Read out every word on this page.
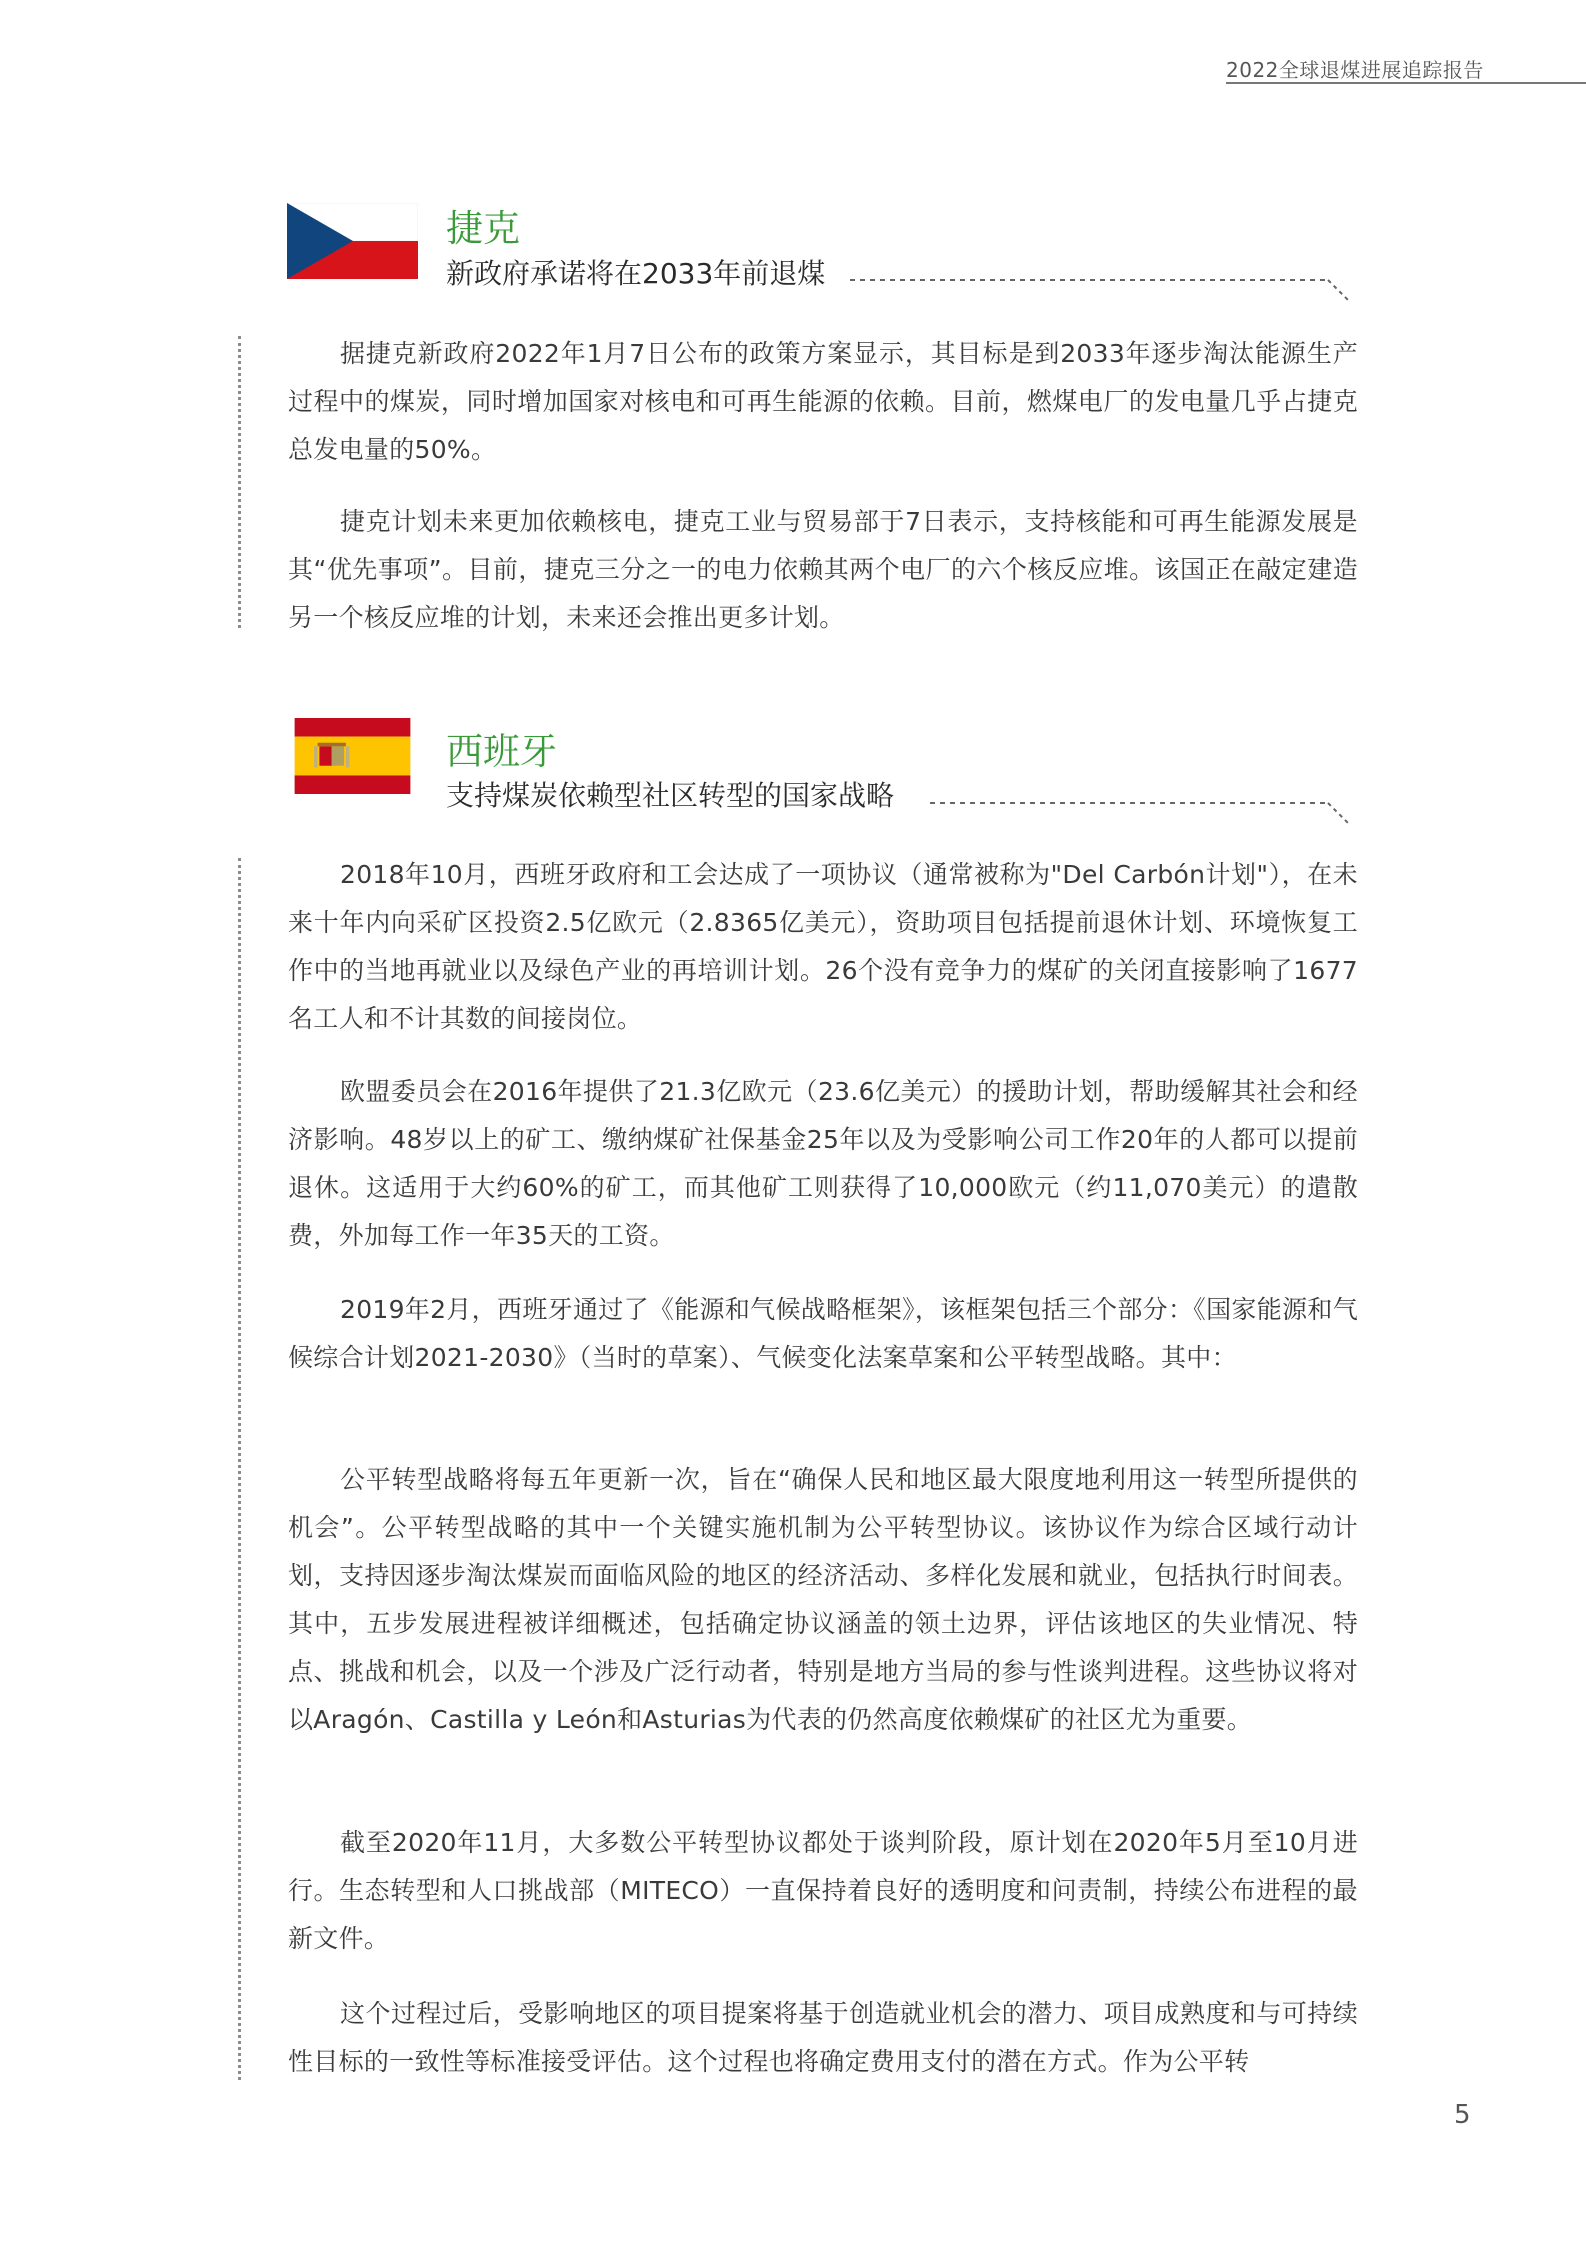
2022全球退煤进展追踪报告
捷克
新政府承诺将在2033年前退煤

据捷克新政府2022年1月7日公布的政策方案显示，其目标是到2033年逐步淘汰能源生产过程中的煤炭，同时增加国家对核电和可再生能源的依赖。目前，燃煤电厂的发电量几乎占捷克总发电量的50%。

捷克计划未来更加依赖核电，捷克工业与贸易部于7日表示，支持核能和可再生能源发展是其“优先事项”。目前，捷克三分之一的电力依赖其两个电厂的六个核反应堆。该国正在敲定建造另一个核反应堆的计划，未来还会推出更多计划。

西班牙
支持煤炭依赖型社区转型的国家战略

2018年10月，西班牙政府和工会达成了一项协议（通常被称为"Del Carbón计划"），在未来十年内向采矿区投资2.5亿欧元（2.8365亿美元），资助项目包括提前退休计划、环境恢复工作中的当地再就业以及绿色产业的再培训计划。26个没有竞争力的煤矿的关闭直接影响了1677名工人和不计其数的间接岗位。

欧盟委员会在2016年提供了21.3亿欧元（23.6亿美元）的援助计划，帮助缓解其社会和经济影响。48岁以上的矿工、缴纳煤矿社保基金25年以及为受影响公司工作20年的人都可以提前退休。这适用于大约60%的矿工，而其他矿工则获得了10,000欧元（约11,070美元）的遣散费，外加每工作一年35天的工资。

2019年2月，西班牙通过了《能源和气候战略框架》，该框架包括三个部分：《国家能源和气候综合计划2021-2030》（当时的草案）、气候变化法案草案和公平转型战略。其中：

公平转型战略将每五年更新一次，旨在“确保人民和地区最大限度地利用这一转型所提供的机会”。公平转型战略的其中一个关键实施机制为公平转型协议。该协议作为综合区域行动计划，支持因逐步淘汰煤炭而面临风险的地区的经济活动、多样化发展和就业，包括执行时间表。其中，五步发展进程被详细概述，包括确定协议涵盖的领土边界，评估该地区的失业情况、特点、挑战和机会，以及一个涉及广泛行动者，特别是地方当局的参与性谈判进程。这些协议将对以Aragón、Castilla y León和Asturias为代表的仍然高度依赖煤矿的社区尤为重要。

截至2020年11月，大多数公平转型协议都处于谈判阶段，原计划在2020年5月至10月进行。生态转型和人口挑战部（MITECO）一直保持着良好的透明度和问责制，持续公布进程的最新文件。

这个过程过后，受影响地区的项目提案将基于创造就业机会的潜力、项目成熟度和与可持续性目标的一致性等标准接受评估。这个过程也将确定费用支付的潜在方式。作为公平转

5
